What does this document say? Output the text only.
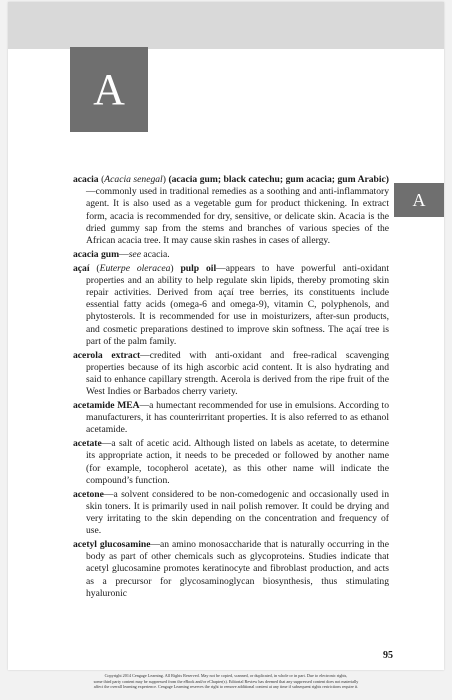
A
A

acacia (Acacia senegal) (acacia gum; black catechu; gum acacia; gum Arabic)—commonly used in traditional remedies as a soothing and anti-inflammatory agent. It is also used as a vegetable gum for product thickening. In extract form, acacia is recommended for dry, sensitive, or delicate skin. Acacia is the dried gummy sap from the stems and branches of various species of the African acacia tree. It may cause skin rashes in cases of allergy.

acacia gum—see acacia.

açaí (Euterpe oleracea) pulp oil—appears to have powerful anti-oxidant properties and an ability to help regulate skin lipids, thereby promoting skin repair activities. Derived from açaí tree berries, its constituents include essential fatty acids (omega-6 and omega-9), vitamin C, polyphenols, and phytosterols. It is recommended for use in moisturizers, after-sun products, and cosmetic preparations destined to improve skin softness. The açaí tree is part of the palm family.

acerola extract—credited with anti-oxidant and free-radical scavenging properties because of its high ascorbic acid content. It is also hydrating and said to enhance capillary strength. Acerola is derived from the ripe fruit of the West Indies or Barbados cherry variety.

acetamide MEA—a humectant recommended for use in emulsions. According to manufacturers, it has counterirritant properties. It is also referred to as ethanol acetamide.

acetate—a salt of acetic acid. Although listed on labels as acetate, to determine its appropriate action, it needs to be preceded or followed by another name (for example, tocopherol acetate), as this other name will indicate the compound’s function.

acetone—a solvent considered to be non-comedogenic and occasionally used in skin toners. It is primarily used in nail polish remover. It could be drying and very irritating to the skin depending on the concentration and frequency of use.

acetyl glucosamine—an amino monosaccharide that is naturally occurring in the body as part of other chemicals such as glycoproteins. Studies indicate that acetyl glucosamine promotes keratinocyte and fibroblast production, and acts as a precursor for glycosaminoglycan biosynthesis, thus stimulating hyaluronic

95
Copyright 2014 Cengage Learning. All Rights Reserved. May not be copied, scanned, or duplicated, in whole or in part. Due to electronic rights,
some third party content may be suppressed from the eBook and/or eChapter(s). Editorial Review has deemed that any suppressed content does not materially
affect the overall learning experience. Cengage Learning reserves the right to remove additional content at any time if subsequent rights restrictions require it.
